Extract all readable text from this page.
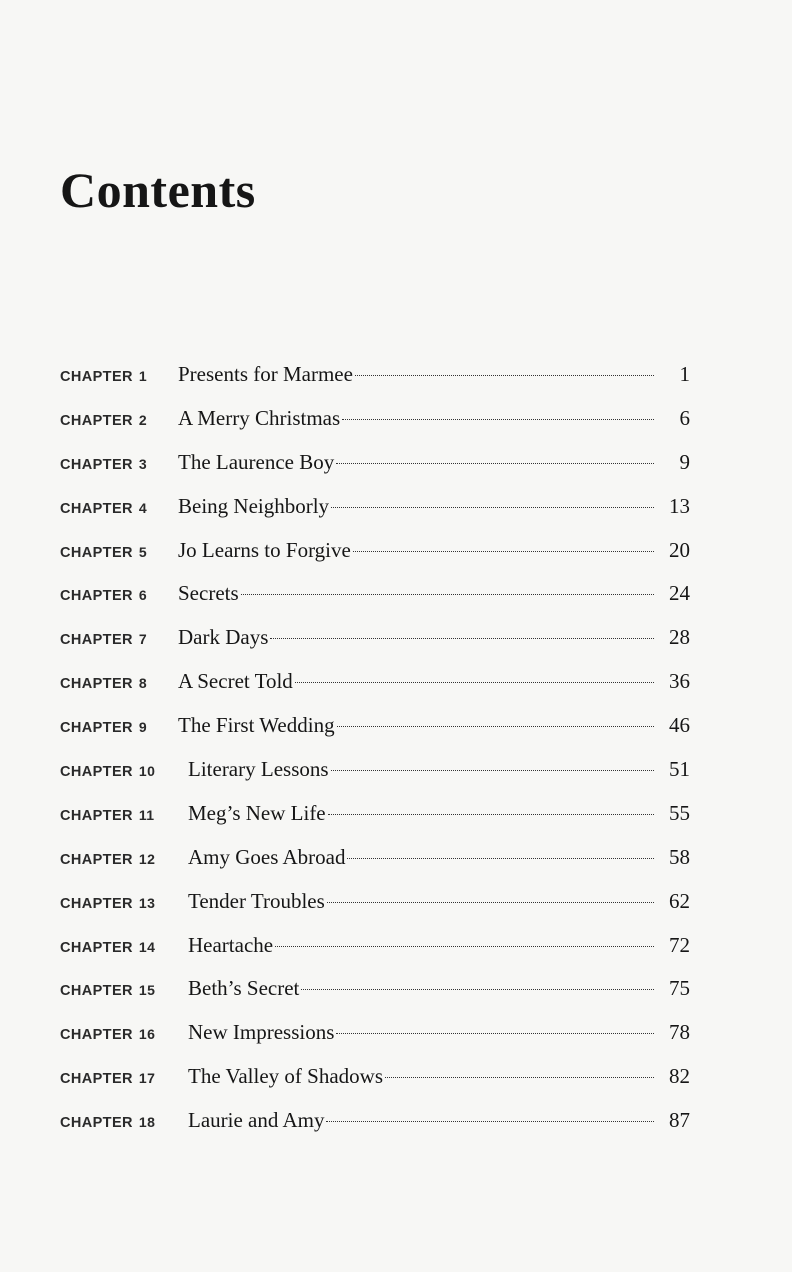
Contents
CHAPTER 1	Presents for Marmee	1
CHAPTER 2	A Merry Christmas	6
CHAPTER 3	The Laurence Boy	9
CHAPTER 4	Being Neighborly	13
CHAPTER 5	Jo Learns to Forgive	20
CHAPTER 6	Secrets	24
CHAPTER 7	Dark Days	28
CHAPTER 8	A Secret Told	36
CHAPTER 9	The First Wedding	46
CHAPTER 10	Literary Lessons	51
CHAPTER 11	Meg’s New Life	55
CHAPTER 12	Amy Goes Abroad	58
CHAPTER 13	Tender Troubles	62
CHAPTER 14	Heartache	72
CHAPTER 15	Beth’s Secret	75
CHAPTER 16	New Impressions	78
CHAPTER 17	The Valley of Shadows	82
CHAPTER 18	Laurie and Amy	87
